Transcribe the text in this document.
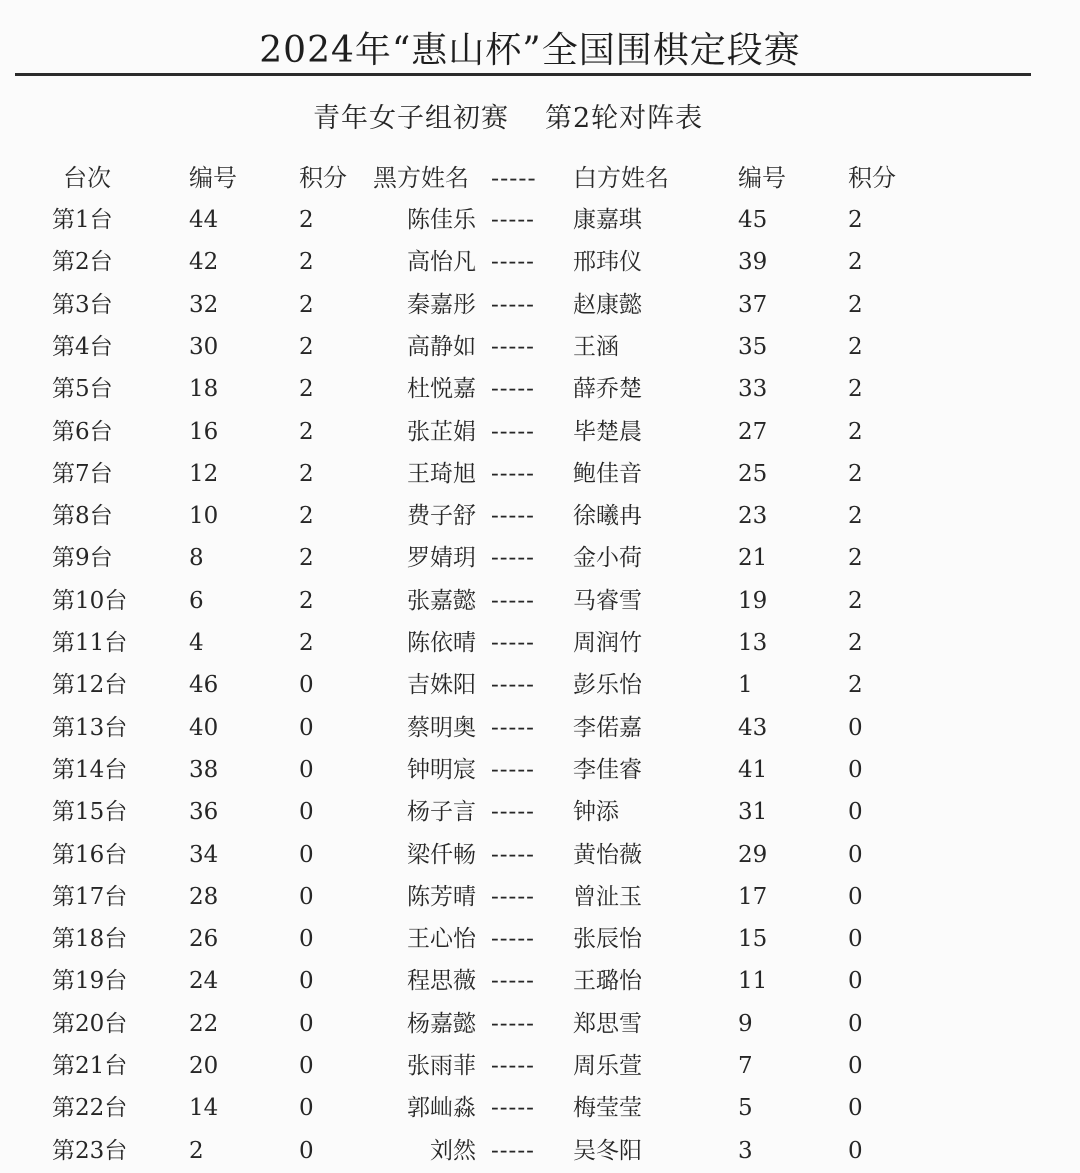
2024年“惠山杯”全国围棋定段赛
青年女子组初赛 第2轮对阵表
台次	编号	积分 黑方姓名 ----- 白方姓名	编号	积分
第1台	44	2	陈佳乐 ----- 康嘉琪	45	2
第2台	42	2	高怡凡 ----- 邢玮仪	39	2
第3台	32	2	秦嘉彤 ----- 赵康懿	37	2
第4台	30	2	高静如 ----- 王涵	35	2
第5台	18	2	杜悦嘉 ----- 薛乔楚	33	2
第6台	16	2	张芷娟 ----- 毕楚晨	27	2
第7台	12	2	王琦旭 ----- 鲍佳音	25	2
第8台	10	2	费子舒 ----- 徐曦冉	23	2
第9台	8	2	罗婧玥 ----- 金小荷	21	2
第10台	6	2	张嘉懿 ----- 马睿雪	19	2
第11台	4	2	陈依晴 ----- 周润竹	13	2
第12台	46	0	吉姝阳 ----- 彭乐怡	1	2
第13台	40	0	蔡明奥 ----- 李偌嘉	43	0
第14台	38	0	钟明宸 ----- 李佳睿	41	0
第15台	36	0	杨子言 ----- 钟添	31	0
第16台	34	0	梁仟畅 ----- 黄怡薇	29	0
第17台	28	0	陈芳晴 ----- 曾沚玉	17	0
第18台	26	0	王心怡 ----- 张辰怡	15	0
第19台	24	0	程思薇 ----- 王璐怡	11	0
第20台	22	0	杨嘉懿 ----- 郑思雪	9	0
第21台	20	0	张雨菲 ----- 周乐萱	7	0
第22台	14	0	郭屾淼 ----- 梅莹莹	5	0
第23台	2	0	刘然 ----- 吴冬阳	3	0
